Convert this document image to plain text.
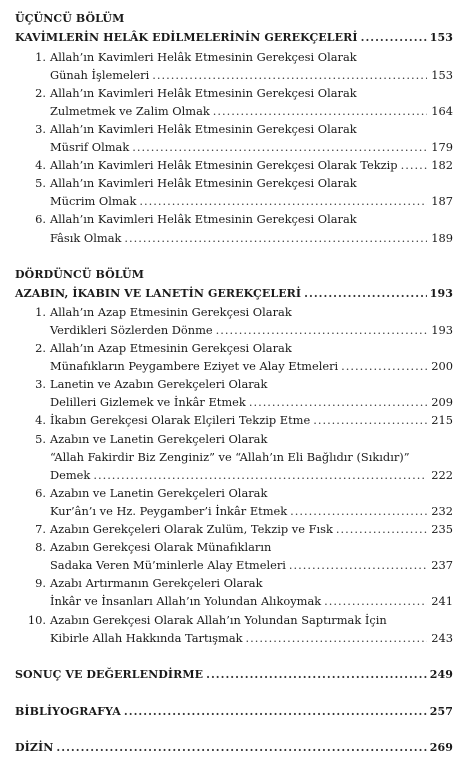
ÜÇÜNCÜ BÖLÜM
KAVİMLERİN HELÂK EDİLMELERİNİN GEREKÇELERİ .....	153
1. Allah’ın Kavimleri Helâk Etmesinin Gerekçesi Olarak
Günah İşlemeleri .....	153
2. Allah’ın Kavimleri Helâk Etmesinin Gerekçesi Olarak
Zulmetmek ve Zalim Olmak .....	164
3. Allah’ın Kavimleri Helâk Etmesinin Gerekçesi Olarak
Müsrif Olmak .....	179
4. Allah’ın Kavimleri Helâk Etmesinin Gerekçesi Olarak Tekzip .....	182
5. Allah’ın Kavimleri Helâk Etmesinin Gerekçesi Olarak
Mücrim Olmak .....	187
6. Allah’ın Kavimleri Helâk Etmesinin Gerekçesi Olarak
Fâsık Olmak .....	189
DÖRDÜNCÜ BÖLÜM
AZABIN, İKABIN VE LANETİN GEREKÇELERİ .....	193
1. Allah’ın Azap Etmesinin Gerekçesi Olarak
Verdikleri Sözlerden Dönme .....	193
2. Allah’ın Azap Etmesinin Gerekçesi Olarak
Münafıkların Peygambere Eziyet ve Alay Etmeleri .....	200
3. Lanetin ve Azabın Gerekçeleri Olarak
Delilleri Gizlemek ve İnkâr Etmek .....	209
4. İkabın Gerekçesi Olarak Elçileri Tekzip Etme .....	215
5. Azabın ve Lanetin Gerekçeleri Olarak
“Allah Fakirdir Biz Zenginiz” ve “Allah’ın Eli Bağlıdır (Sıkıdır)”
Demek .....	222
6. Azabın ve Lanetin Gerekçeleri Olarak
Kur’ân’ı ve Hz. Peygamber’i İnkâr Etmek .....	232
7. Azabın Gerekçeleri Olarak Zulüm, Tekzip ve Fısk .....	235
8. Azabın Gerekçesi Olarak Münafıkların
Sadaka Veren Mü’minlerle Alay Etmeleri .....	237
9. Azabı Artırmanın Gerekçeleri Olarak
İnkâr ve İnsanları Allah’ın Yolundan Alıkoymak .....	241
10. Azabın Gerekçesi Olarak Allah’ın Yolundan Saptırmak İçin
Kibirle Allah Hakkında Tartışmak .....	243
SONUÇ VE DEĞERLENDİRME .....	249
BİBLİYOGRAFYA .....	257
DİZİN .....	269
